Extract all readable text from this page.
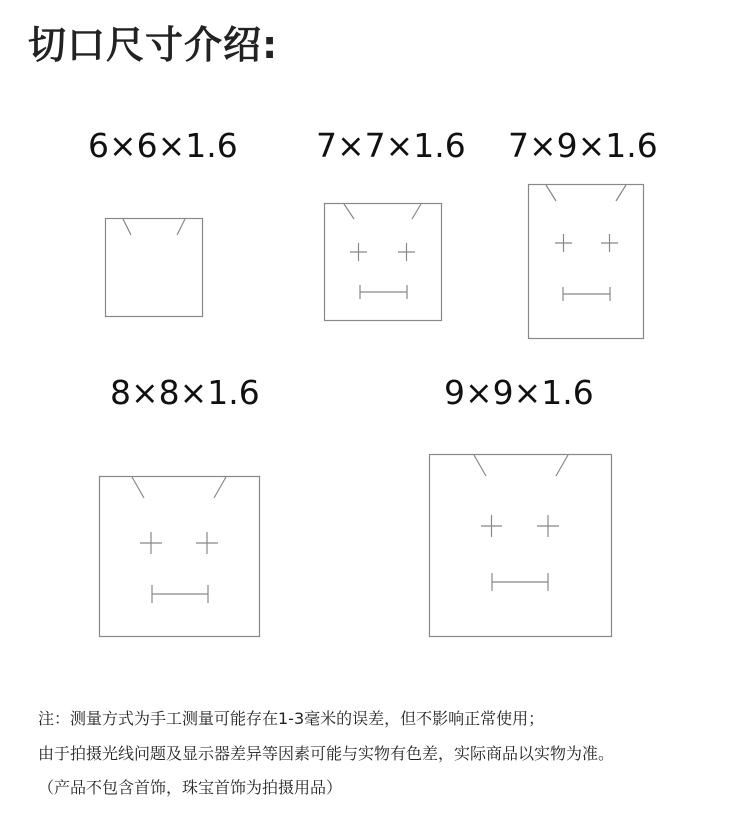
切口尺寸介绍:
6×6×1.6 7×7×1.6 7×9×1.6
8×8×1.6	9×9×1.6
注：测量方式为手工测量可能存在1-3毫米的误差，但不影响正常使用；
由于拍摄光线问题及显示器差异等因素可能与实物有色差，实际商品以实物为准。
（产品不包含首饰，珠宝首饰为拍摄用品）
